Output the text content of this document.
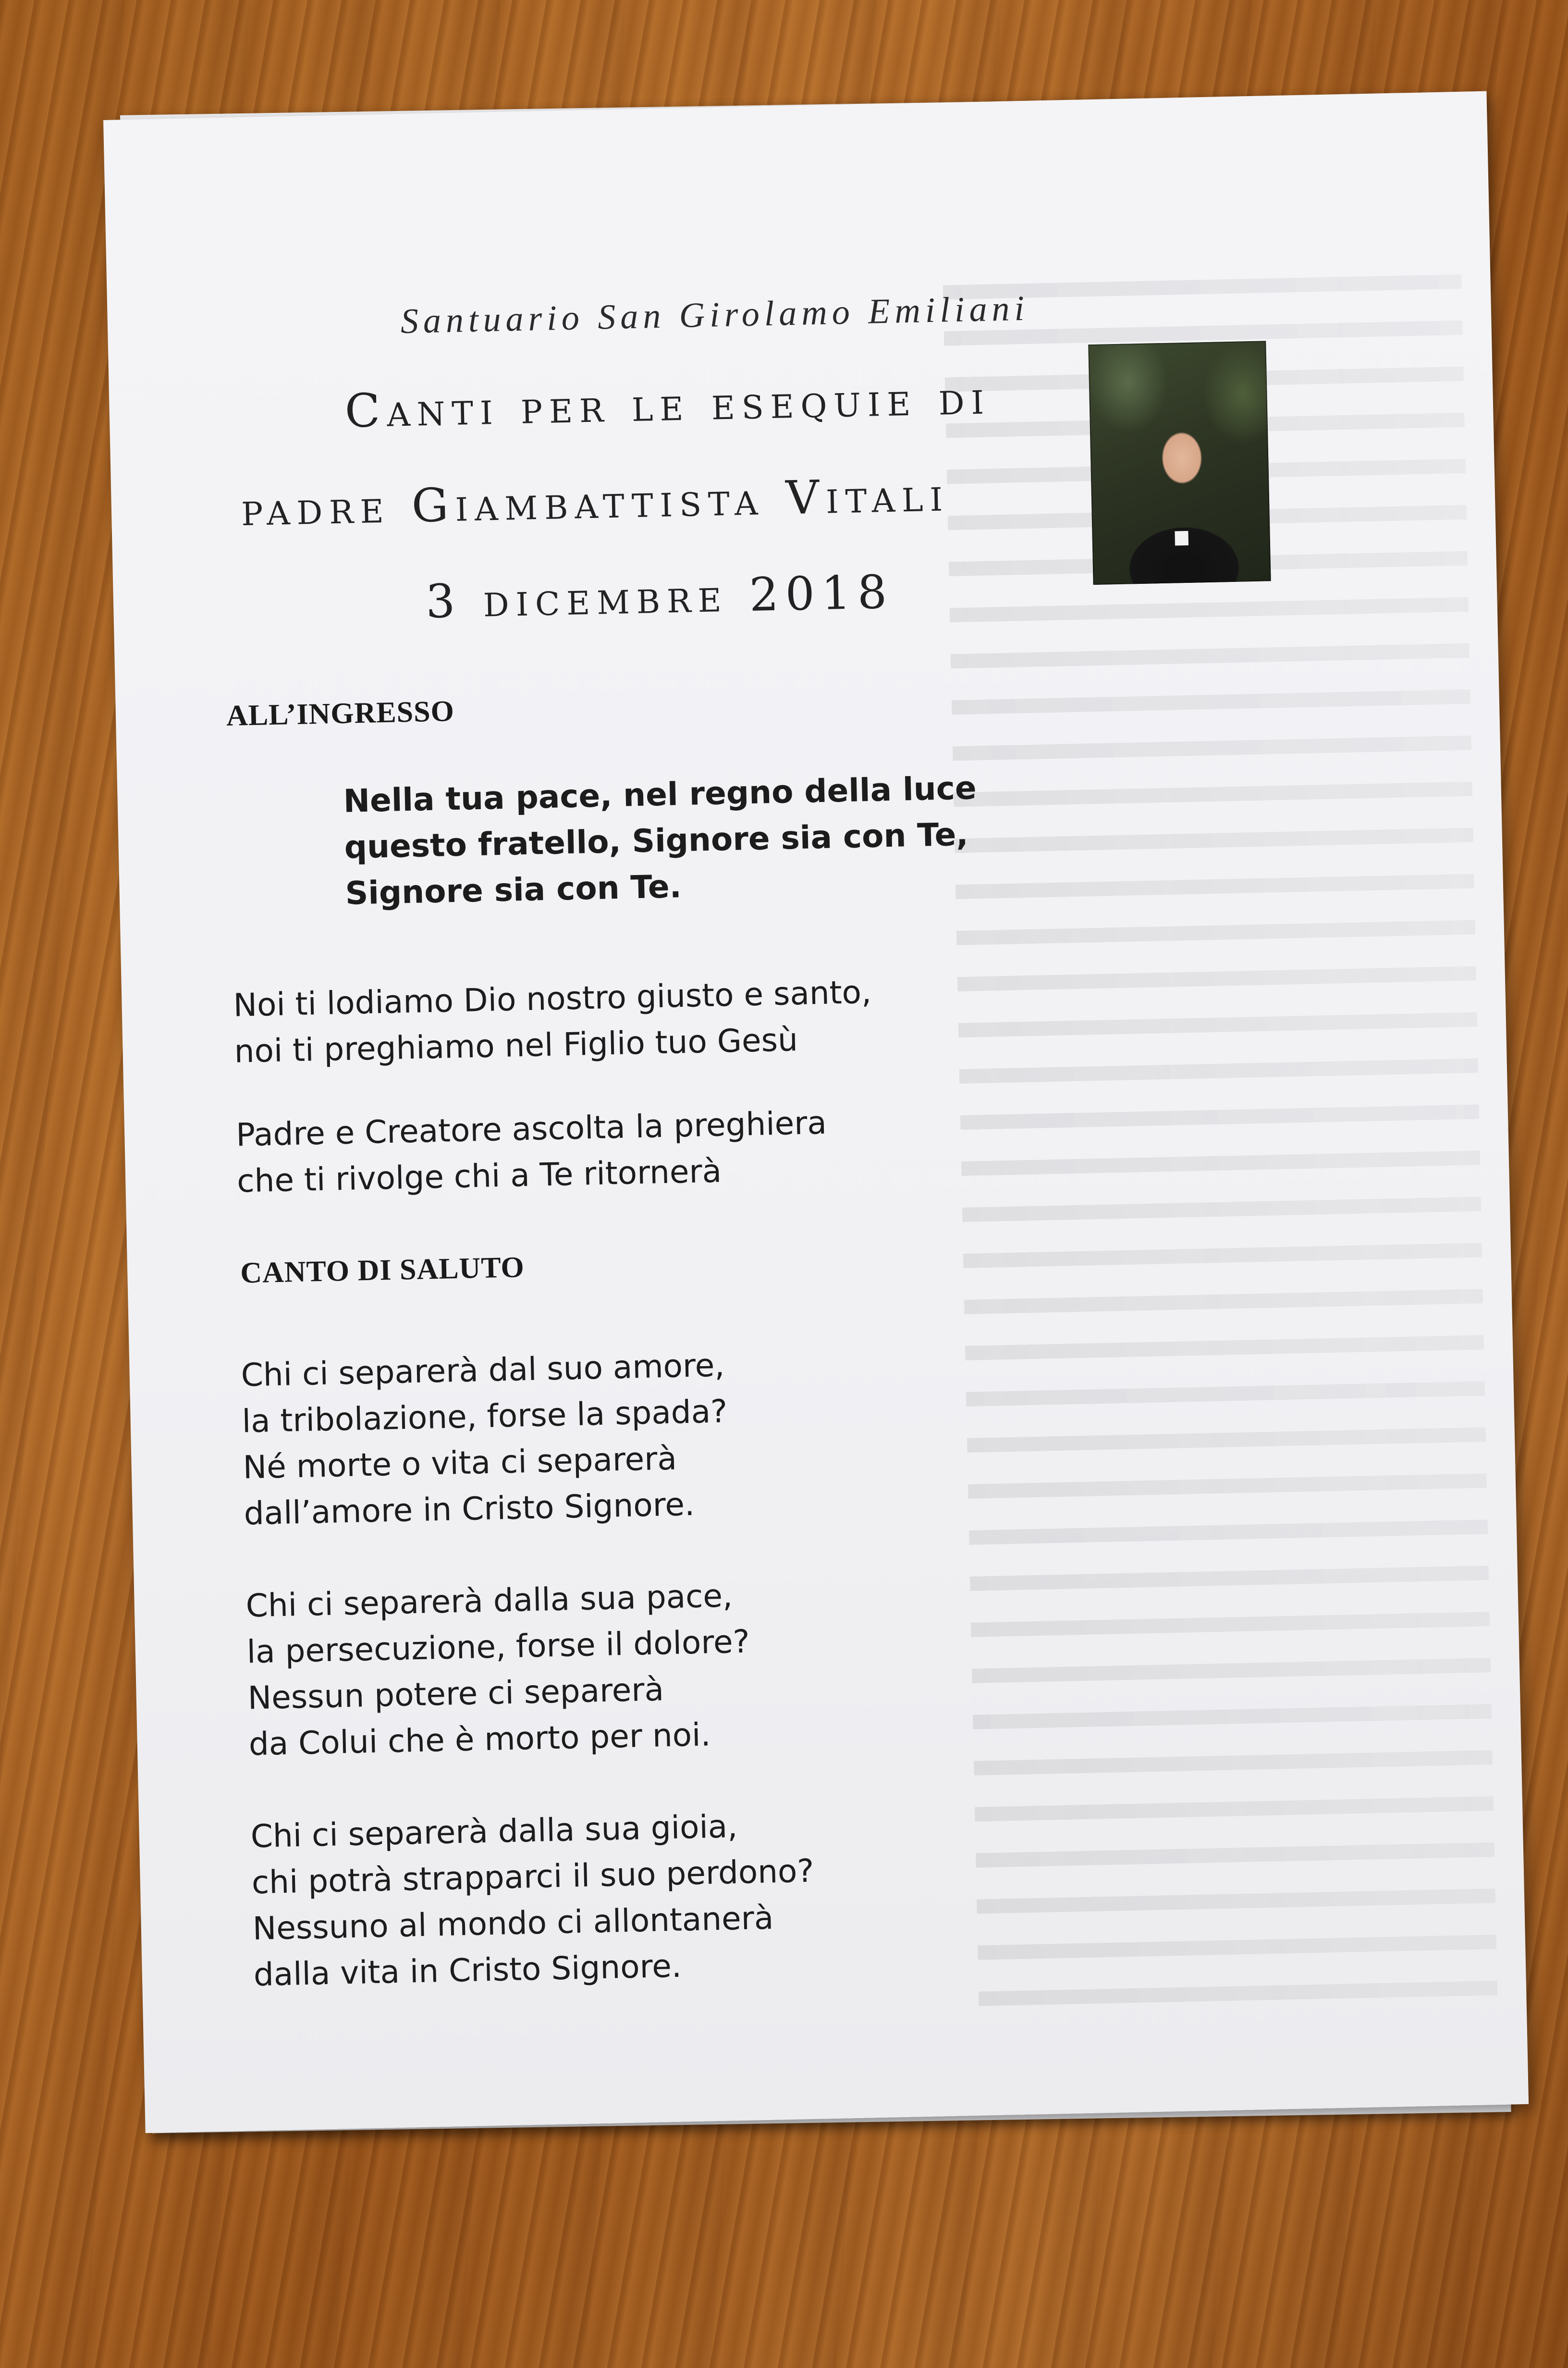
Santuario San Girolamo Emiliani
Canti per le esequie di
padre Giambattista Vitali
3 dicembre 2018
ALL’INGRESSO
Nella tua pace, nel regno della luce
questo fratello, Signore sia con Te,
Signore sia con Te.
Noi ti lodiamo Dio nostro giusto e santo,
noi ti preghiamo nel Figlio tuo Gesù
Padre e Creatore ascolta la preghiera
che ti rivolge chi a Te ritornerà
CANTO DI SALUTO
Chi ci separerà dal suo amore,
la tribolazione, forse la spada?
Né morte o vita ci separerà
dall’amore in Cristo Signore.
Chi ci separerà dalla sua pace,
la persecuzione, forse il dolore?
Nessun potere ci separerà
da Colui che è morto per noi.
Chi ci separerà dalla sua gioia,
chi potrà strapparci il suo perdono?
Nessuno al mondo ci allontanerà
dalla vita in Cristo Signore.
